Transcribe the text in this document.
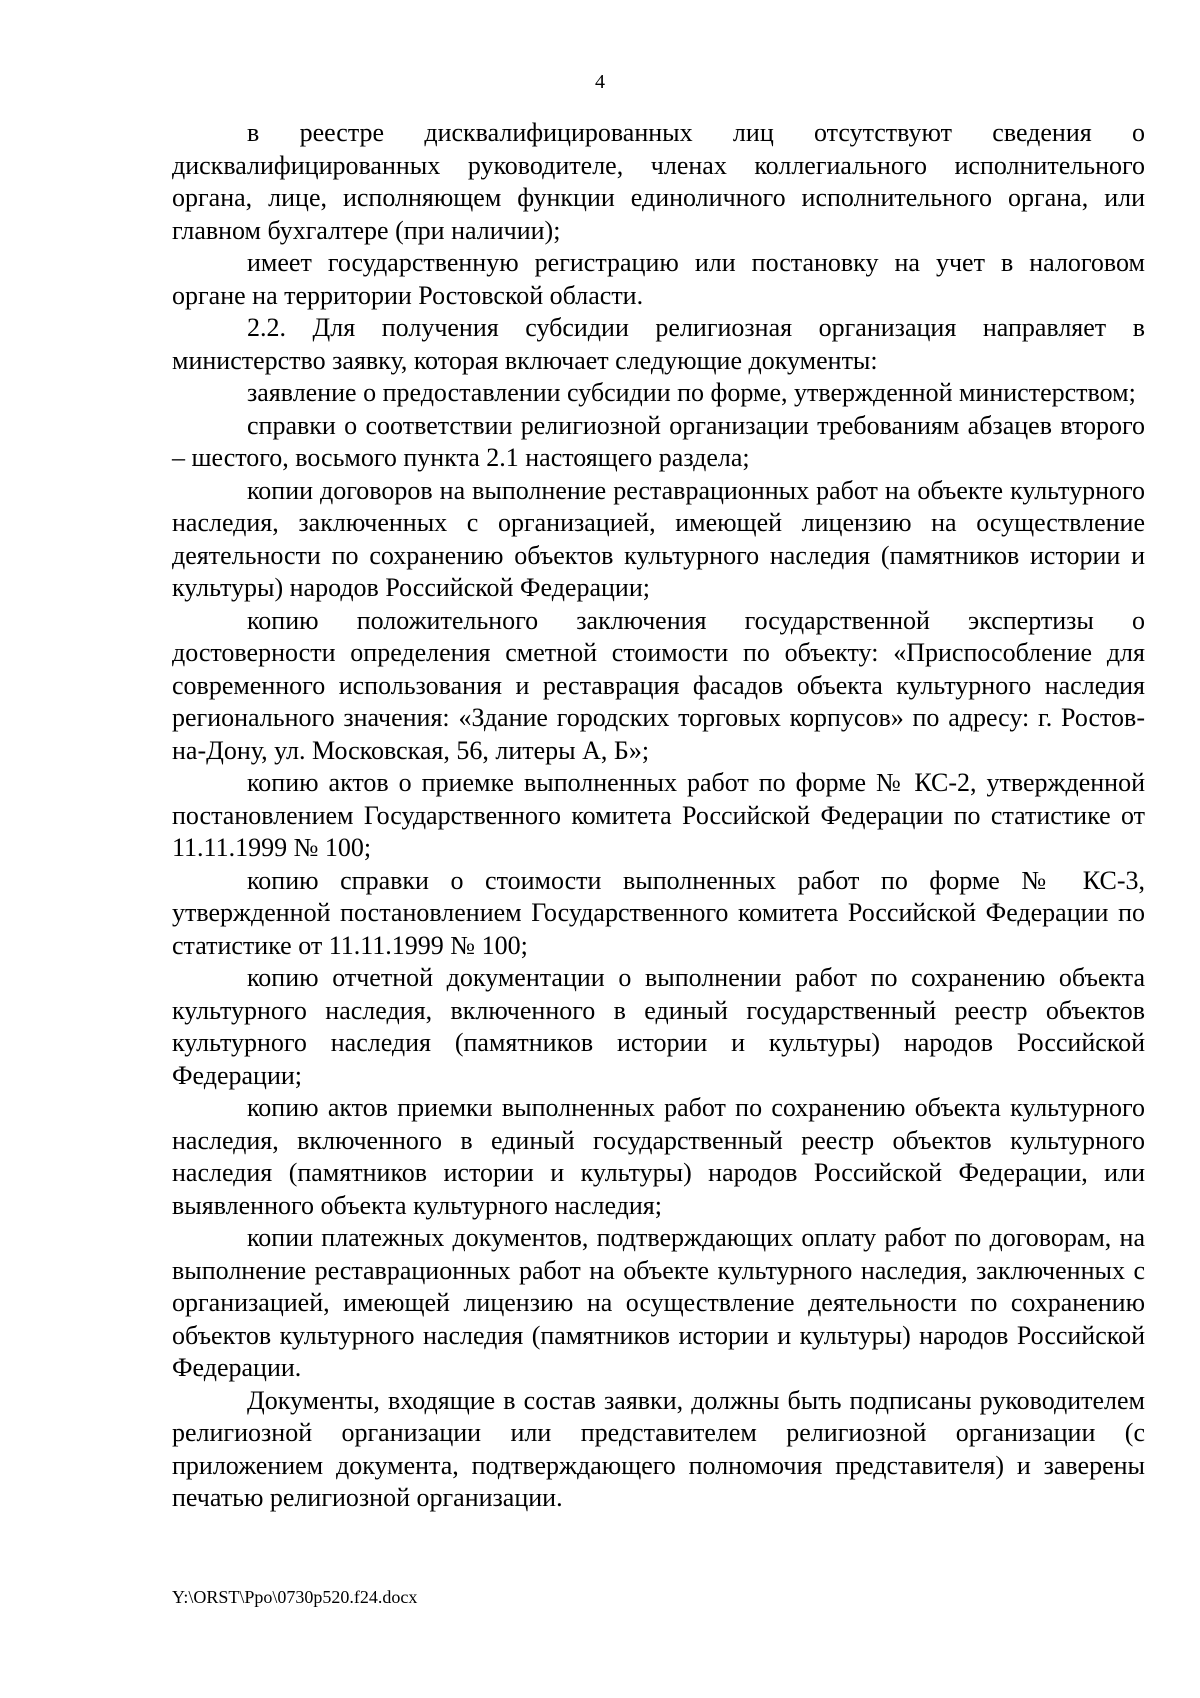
4

в реестре дисквалифицированных лиц отсутствуют сведения о дисквалифицированных руководителе, членах коллегиального исполнительного органа, лице, исполняющем функции единоличного исполнительного органа, или главном бухгалтере (при наличии);

имеет государственную регистрацию или постановку на учет в налоговом органе на территории Ростовской области.

2.2. Для получения субсидии религиозная организация направляет в министерство заявку, которая включает следующие документы:

заявление о предоставлении субсидии по форме, утвержденной министерством;

справки о соответствии религиозной организации требованиям абзацев второго – шестого, восьмого пункта 2.1 настоящего раздела;

копии договоров на выполнение реставрационных работ на объекте культурного наследия, заключенных с организацией, имеющей лицензию на осуществление деятельности по сохранению объектов культурного наследия (памятников истории и культуры) народов Российской Федерации;

копию положительного заключения государственной экспертизы о достоверности определения сметной стоимости по объекту: «Приспособление для современного использования и реставрация фасадов объекта культурного наследия регионального значения: «Здание городских торговых корпусов» по адресу: г. Ростов-на-Дону, ул. Московская, 56, литеры А, Б»;

копию актов о приемке выполненных работ по форме № КС-2, утвержденной постановлением Государственного комитета Российской Федерации по статистике от 11.11.1999 № 100;

копию справки о стоимости выполненных работ по форме № КС-3, утвержденной постановлением Государственного комитета Российской Федерации по статистике от 11.11.1999 № 100;

копию отчетной документации о выполнении работ по сохранению объекта культурного наследия, включенного в единый государственный реестр объектов культурного наследия (памятников истории и культуры) народов Российской Федерации;

копию актов приемки выполненных работ по сохранению объекта культурного наследия, включенного в единый государственный реестр объектов культурного наследия (памятников истории и культуры) народов Российской Федерации, или выявленного объекта культурного наследия;

копии платежных документов, подтверждающих оплату работ по договорам, на выполнение реставрационных работ на объекте культурного наследия, заключенных с организацией, имеющей лицензию на осуществление деятельности по сохранению объектов культурного наследия (памятников истории и культуры) народов Российской Федерации.

Документы, входящие в состав заявки, должны быть подписаны руководителем религиозной организации или представителем религиозной организации (с приложением документа, подтверждающего полномочия представителя) и заверены печатью религиозной организации.

Y:\ORST\Ppo\0730p520.f24.docx
